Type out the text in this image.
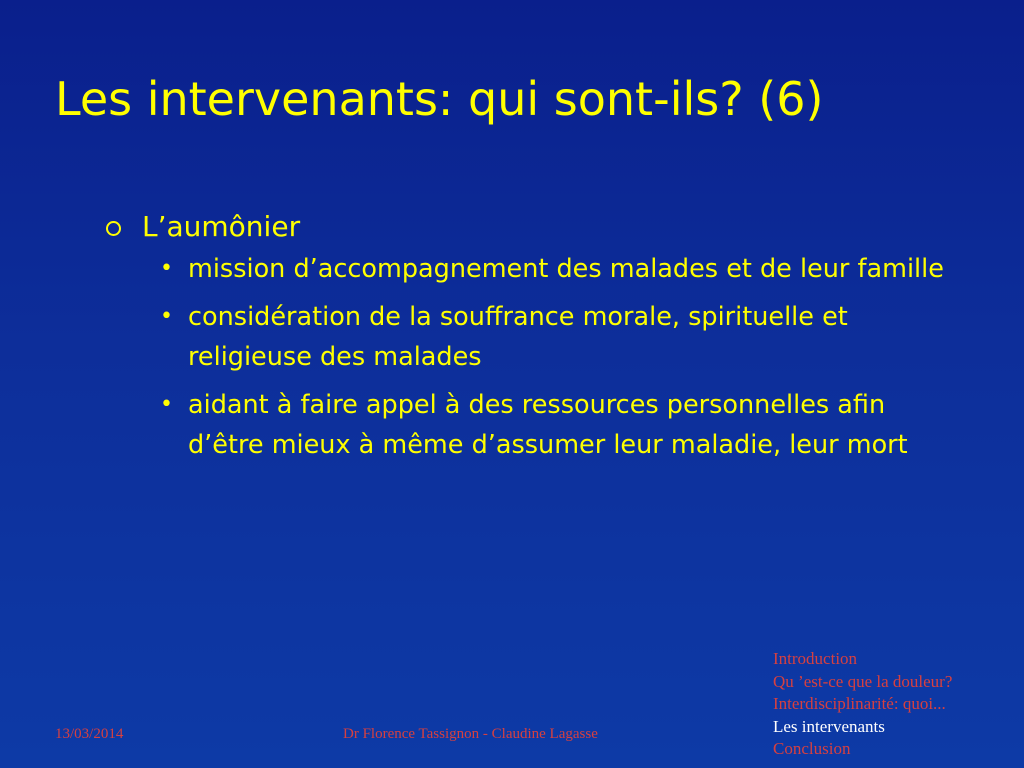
Les intervenants: qui sont-ils? (6)
L’aumônier
• mission d’accompagnement des malades et de leur famille
• considération de la souffrance morale, spirituelle et religieuse des malades
• aidant à faire appel à des ressources personnelles afin d’être mieux à même d’assumer leur maladie, leur mort
13/03/2014	Dr Florence Tassignon - Claudine Lagasse
Introduction
Qu ’est-ce que la douleur?
Interdisciplinarité: quoi...
Les intervenants
Conclusion
